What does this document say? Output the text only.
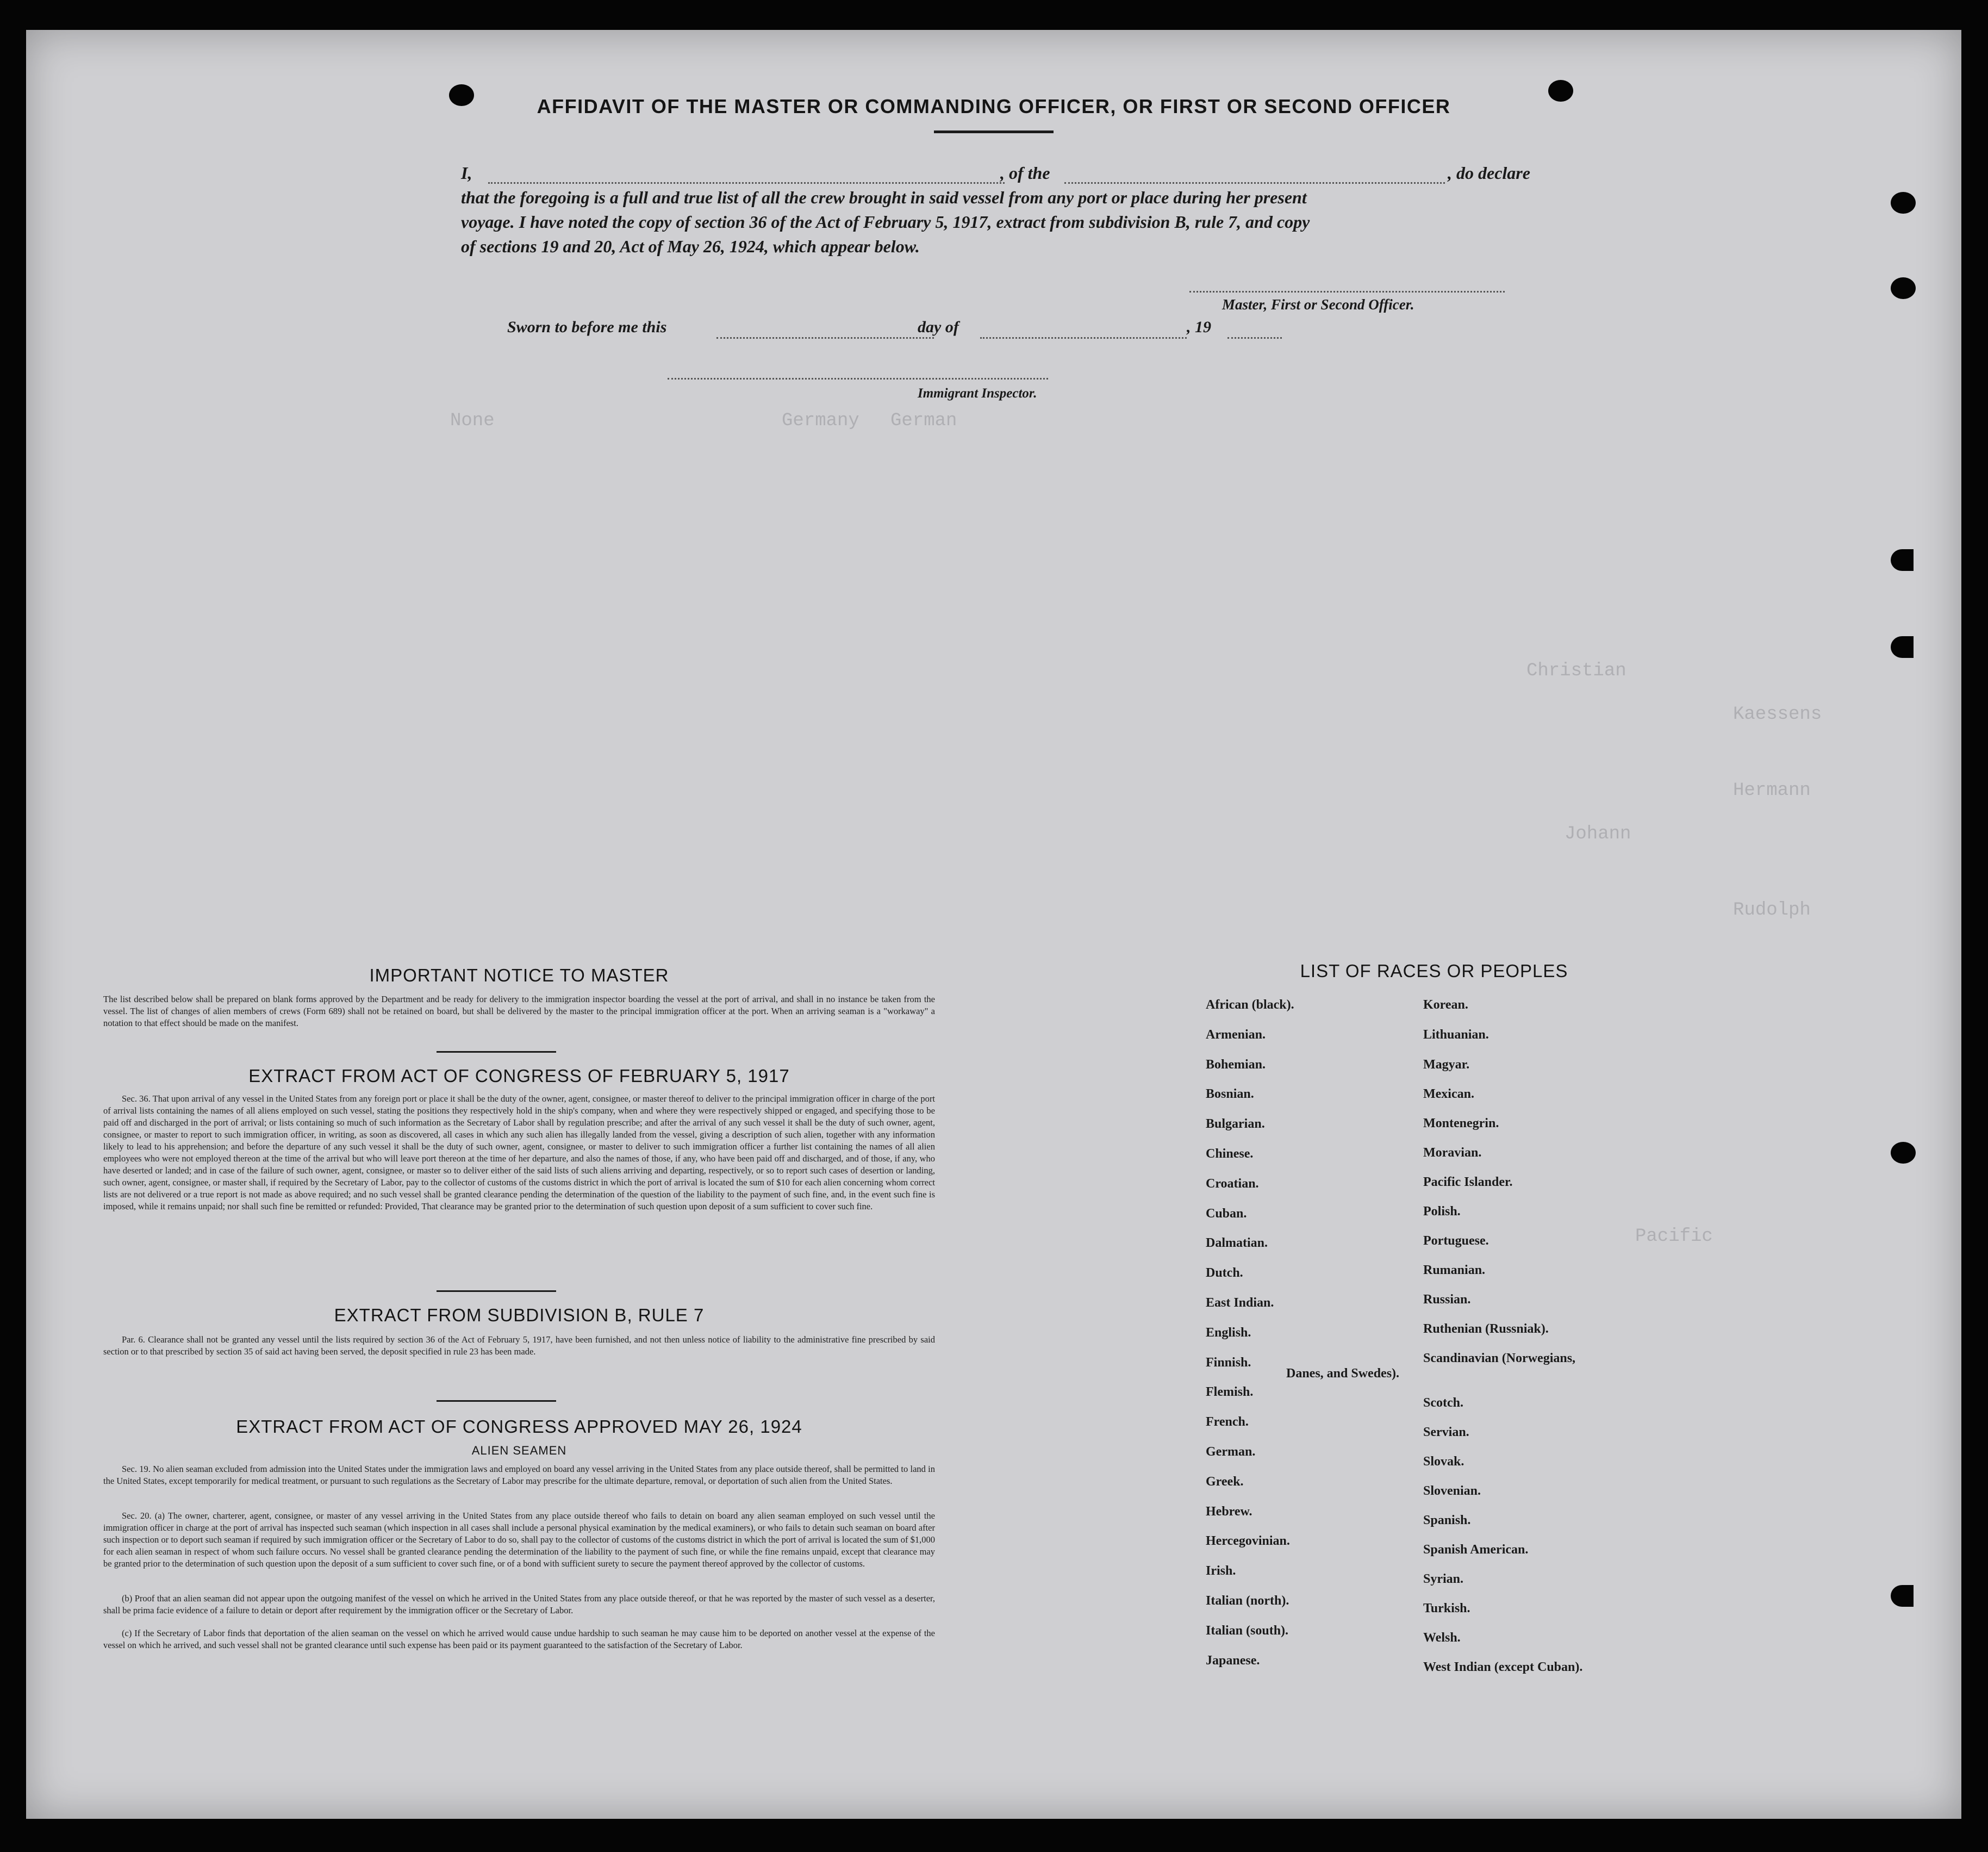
Germany German
None
Johann
Kaessens
Christian
Rudolph
Hermann
Pacific
AFFIDAVIT OF THE MASTER OR COMMANDING OFFICER, OR FIRST OR SECOND OFFICER
I,	, of the	, do declare
that the foregoing is a full and true list of all the crew brought in said vessel from any port or place during her present
voyage. I have noted the copy of section 36 of the Act of February 5, 1917, extract from subdivision B, rule 7, and copy
of sections 19 and 20, Act of May 26, 1924, which appear below.
Master, First or Second Officer.
Sworn to before me this	day of	, 19
Immigrant Inspector.
IMPORTANT NOTICE TO MASTER

The list described below shall be prepared on blank forms approved by the Department and be ready for delivery to the immigration inspector boarding the vessel at the port of arrival, and shall in no instance be taken from the vessel. The list of changes of alien members of crews (Form 689) shall not be retained on board, but shall be delivered by the master to the principal immigration officer at the port. When an arriving seaman is a "workaway" a notation to that effect should be made on the manifest.

EXTRACT FROM ACT OF CONGRESS OF FEBRUARY 5, 1917

Sec. 36. That upon arrival of any vessel in the United States from any foreign port or place it shall be the duty of the owner, agent, consignee, or master thereof to deliver to the principal immigration officer in charge of the port of arrival lists containing the names of all aliens employed on such vessel, stating the positions they respectively hold in the ship's company, when and where they were respectively shipped or engaged, and specifying those to be paid off and discharged in the port of arrival; or lists containing so much of such information as the Secretary of Labor shall by regulation prescribe; and after the arrival of any such vessel it shall be the duty of such owner, agent, consignee, or master to report to such immigration officer, in writing, as soon as discovered, all cases in which any such alien has illegally landed from the vessel, giving a description of such alien, together with any information likely to lead to his apprehension; and before the departure of any such vessel it shall be the duty of such owner, agent, consignee, or master to deliver to such immigration officer a further list containing the names of all alien employees who were not employed thereon at the time of the arrival but who will leave port thereon at the time of her departure, and also the names of those, if any, who have been paid off and discharged, and of those, if any, who have deserted or landed; and in case of the failure of such owner, agent, consignee, or master so to deliver either of the said lists of such aliens arriving and departing, respectively, or so to report such cases of desertion or landing, such owner, agent, consignee, or master shall, if required by the Secretary of Labor, pay to the collector of customs of the customs district in which the port of arrival is located the sum of $10 for each alien concerning whom correct lists are not delivered or a true report is not made as above required; and no such vessel shall be granted clearance pending the determination of the question of the liability to the payment of such fine, and, in the event such fine is imposed, while it remains unpaid; nor shall such fine be remitted or refunded: Provided, That clearance may be granted prior to the determination of such question upon deposit of a sum sufficient to cover such fine.

EXTRACT FROM SUBDIVISION B, RULE 7

Par. 6. Clearance shall not be granted any vessel until the lists required by section 36 of the Act of February 5, 1917, have been furnished, and not then unless notice of liability to the administrative fine prescribed by said section or to that prescribed by section 35 of said act having been served, the deposit specified in rule 23 has been made.

EXTRACT FROM ACT OF CONGRESS APPROVED MAY 26, 1924
ALIEN SEAMEN

Sec. 19. No alien seaman excluded from admission into the United States under the immigration laws and employed on board any vessel arriving in the United States from any place outside thereof, shall be permitted to land in the United States, except temporarily for medical treatment, or pursuant to such regulations as the Secretary of Labor may prescribe for the ultimate departure, removal, or deportation of such alien from the United States.

Sec. 20. (a) The owner, charterer, agent, consignee, or master of any vessel arriving in the United States from any place outside thereof who fails to detain on board any alien seaman employed on such vessel until the immigration officer in charge at the port of arrival has inspected such seaman (which inspection in all cases shall include a personal physical examination by the medical examiners), or who fails to detain such seaman on board after such inspection or to deport such seaman if required by such immigration officer or the Secretary of Labor to do so, shall pay to the collector of customs of the customs district in which the port of arrival is located the sum of $1,000 for each alien seaman in respect of whom such failure occurs. No vessel shall be granted clearance pending the determination of the liability to the payment of such fine, or while the fine remains unpaid, except that clearance may be granted prior to the determination of such question upon the deposit of a sum sufficient to cover such fine, or of a bond with sufficient surety to secure the payment thereof approved by the collector of customs.

(b) Proof that an alien seaman did not appear upon the outgoing manifest of the vessel on which he arrived in the United States from any place outside thereof, or that he was reported by the master of such vessel as a deserter, shall be prima facie evidence of a failure to detain or deport after requirement by the immigration officer or the Secretary of Labor.

(c) If the Secretary of Labor finds that deportation of the alien seaman on the vessel on which he arrived would cause undue hardship to such seaman he may cause him to be deported on another vessel at the expense of the vessel on which he arrived, and such vessel shall not be granted clearance until such expense has been paid or its payment guaranteed to the satisfaction of the Secretary of Labor.

LIST OF RACES OR PEOPLES
African (black).
Armenian.
Bohemian.
Bosnian.
Bulgarian.
Chinese.
Croatian.
Cuban.
Dalmatian.
Dutch.
East Indian.
English.
Finnish.
Flemish.
French.
German.
Greek.
Hebrew.
Hercegovinian.
Irish.
Italian (north).
Italian (south).
Japanese.
Korean.
Lithuanian.
Magyar.
Mexican.
Montenegrin.
Moravian.
Pacific Islander.
Polish.
Portuguese.
Rumanian.
Russian.
Ruthenian (Russniak).
Scandinavian (Norwegians,
Danes, and Swedes).
Scotch.
Servian.
Slovak.
Slovenian.
Spanish.
Spanish American.
Syrian.
Turkish.
Welsh.
West Indian (except Cuban).
